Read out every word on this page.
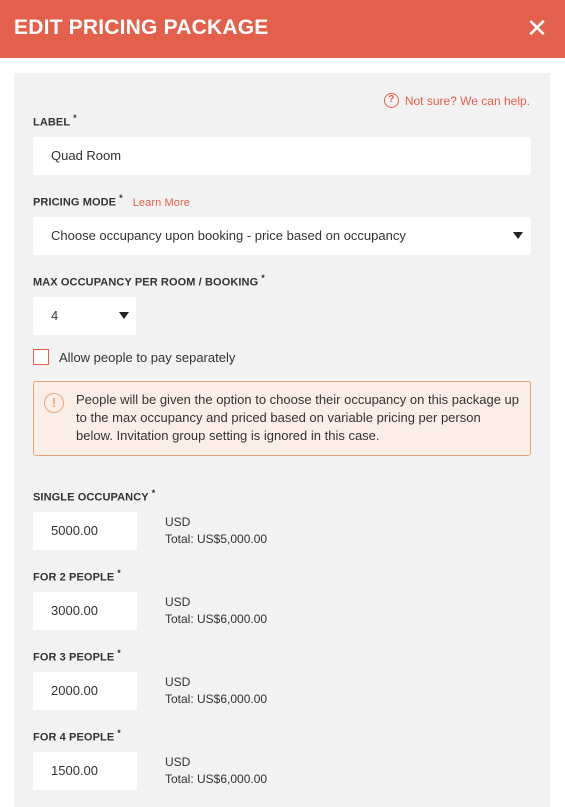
EDIT PRICING PACKAGE	✕
? Not sure? We can help.
LABEL *
Quad Room
PRICING MODE * Learn More
Choose occupancy upon booking - price based on occupancy
MAX OCCUPANCY PER ROOM / BOOKING *
4
Allow people to pay separately
!	People will be given the option to choose their occupancy on this package up to the max occupancy and priced based on variable pricing per person below. Invitation group setting is ignored in this case.
SINGLE OCCUPANCY *
5000.00
USD
Total: US$5,000.00
FOR 2 PEOPLE *
3000.00
USD
Total: US$6,000.00
FOR 3 PEOPLE *
2000.00
USD
Total: US$6,000.00
FOR 4 PEOPLE *
1500.00
USD
Total: US$6,000.00
